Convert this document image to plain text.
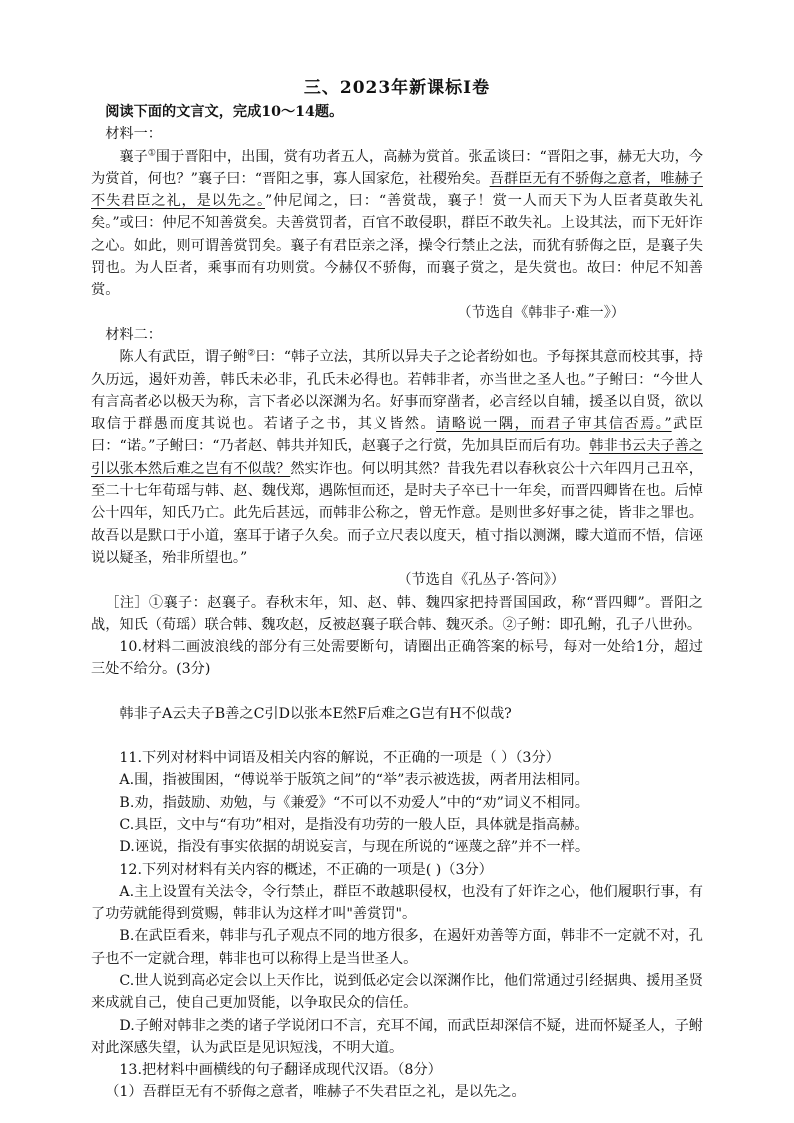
三、2023年新课标Ⅰ卷

阅读下面的文言文，完成10～14题。

材料一：

襄子①围于晋阳中，出围，赏有功者五人，高赫为赏首。张孟谈曰：“晋阳之事，赫无大功，今为赏首，何也？”襄子曰：“晋阳之事，寡人国家危，社稷殆矣。吾群臣无有不骄侮之意者，唯赫子不失君臣之礼，是以先之。”仲尼闻之，曰：“善赏哉，襄子！赏一人而天下为人臣者莫敢失礼矣。”或曰：仲尼不知善赏矣。夫善赏罚者，百官不敢侵职，群臣不敢失礼。上设其法，而下无奸诈之心。如此，则可谓善赏罚矣。襄子有君臣亲之泽，操令行禁止之法，而犹有骄侮之臣，是襄子失罚也。为人臣者，乘事而有功则赏。今赫仅不骄侮，而襄子赏之，是失赏也。故曰：仲尼不知善赏。

（节选自《韩非子·难一》）

材料二：

陈人有武臣，谓子鲋②曰：“韩子立法，其所以异夫子之论者纷如也。予每探其意而校其事，持久历远，遏奸劝善，韩氏未必非，孔氏未必得也。若韩非者，亦当世之圣人也。”子鲋曰：“今世人有言高者必以极天为称，言下者必以深渊为名。好事而穿凿者，必言经以自辅，援圣以自贤，欲以取信于群愚而度其说也。若诸子之书，其义皆然。请略说一隅，而君子审其信否焉。”武臣曰：“诺。”子鲋曰：“乃者赵、韩共并知氏，赵襄子之行赏，先加具臣而后有功。韩非书云夫子善之引以张本然后难之岂有不似哉？然实诈也。何以明其然？昔我先君以春秋哀公十六年四月己丑卒，至二十七年荀瑶与韩、赵、魏伐郑，遇陈恒而还，是时夫子卒已十一年矣，而晋四卿皆在也。后悼公十四年，知氏乃亡。此先后甚远，而韩非公称之，曾无怍意。是则世多好事之徒，皆非之罪也。故吾以是默口于小道，塞耳于诸子久矣。而子立尺表以度天，植寸指以测渊，矇大道而不悟，信诬说以疑圣，殆非所望也。”

（节选自《孔丛子·答问》）

［注］①襄子：赵襄子。春秋末年，知、赵、韩、魏四家把持晋国国政，称“晋四卿”。晋阳之战，知氏（荀瑶）联合韩、魏攻赵，反被赵襄子联合韩、魏灭杀。②子鲋：即孔鲋，孔子八世孙。

10.材料二画波浪线的部分有三处需要断句，请圈出正确答案的标号，每对一处给1分，超过三处不给分。(3分)

韩非子A云夫子B善之C引D以张本E然F后难之G岂有H不似哉?

11.下列对材料中词语及相关内容的解说，不正确的一项是（ ）（3分）

A.围，指被围困，“傅说举于版筑之间”的“举”表示被选拔，两者用法相同。

B.劝，指鼓励、劝勉，与《兼爱》“不可以不劝爱人”中的“劝”词义不相同。

C.具臣，文中与“有功”相对，是指没有功劳的一般人臣，具体就是指高赫。

D.诬说，指没有事实依据的胡说妄言，与现在所说的“诬蔑之辞”并不一样。

12.下列对材料有关内容的概述，不正确的一项是( )（3分）

A.主上设置有关法令，令行禁止，群臣不敢越职侵权，也没有了奸诈之心，他们履职行事，有了功劳就能得到赏赐，韩非认为这样才叫"善赏罚"。

B.在武臣看来，韩非与孔子观点不同的地方很多，在遏奸劝善等方面，韩非不一定就不对，孔子也不一定就合理，韩非也可以称得上是当世圣人。

C.世人说到高必定会以上天作比，说到低必定会以深渊作比，他们常通过引经据典、援用圣贤来成就自己，使自己更加贤能，以争取民众的信任。

D.子鲋对韩非之类的诸子学说闭口不言，充耳不闻，而武臣却深信不疑，进而怀疑圣人，子鲋对此深感失望，认为武臣是见识短浅，不明大道。

13.把材料中画横线的句子翻译成现代汉语。（8分）

（1）吾群臣无有不骄侮之意者，唯赫子不失君臣之礼，是以先之。
